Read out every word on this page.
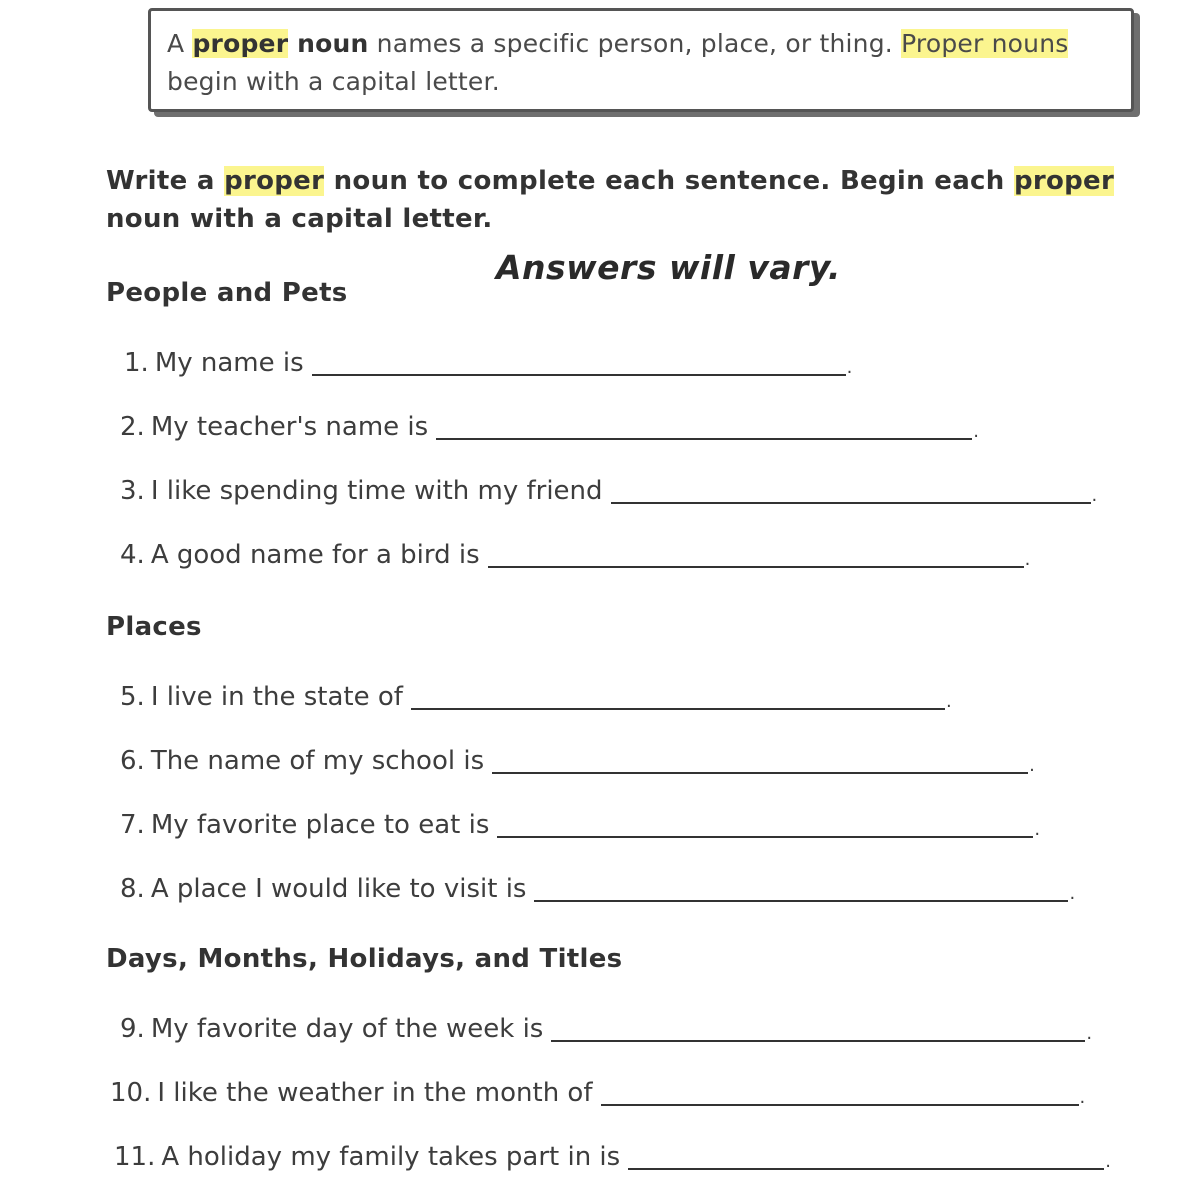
A proper noun names a specific person, place, or thing. Proper nouns
begin with a capital letter.
Write a proper noun to complete each sentence. Begin each proper noun with a capital letter.
Answers will vary.
People and Pets
1. My name is	.
2. My teacher's name is	.
3. I like spending time with my friend	.
4. A good name for a bird is	.
Places
5. I live in the state of	.
6. The name of my school is	.
7. My favorite place to eat is	.
8. A place I would like to visit is	.
Days, Months, Holidays, and Titles
9. My favorite day of the week is	.
10. I like the weather in the month of	.
11. A holiday my family takes part in is	.
